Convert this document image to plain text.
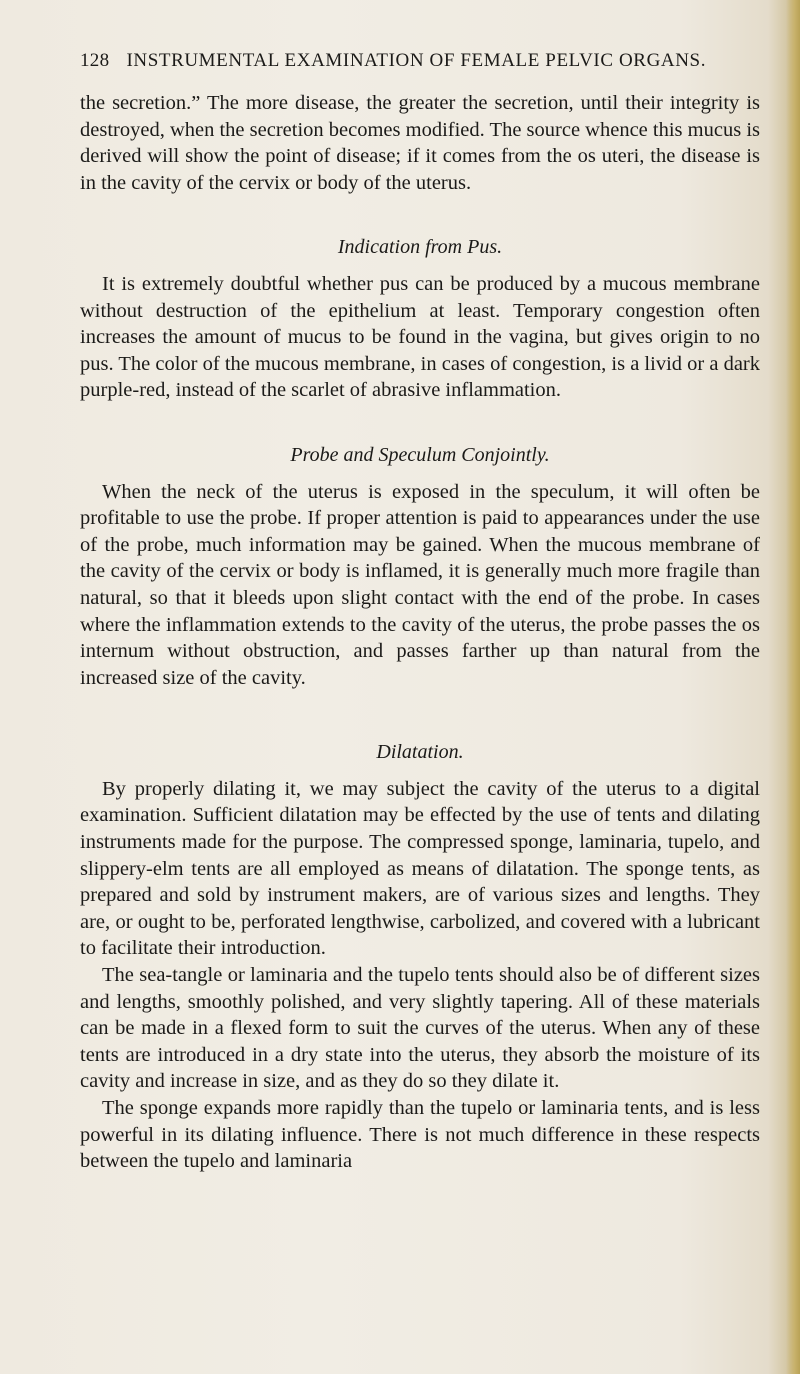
128 INSTRUMENTAL EXAMINATION OF FEMALE PELVIC ORGANS.

the secretion.” The more disease, the greater the secretion, until their integrity is destroyed, when the secretion becomes modified. The source whence this mucus is derived will show the point of disease; if it comes from the os uteri, the disease is in the cavity of the cervix or body of the uterus.

Indication from Pus.

It is extremely doubtful whether pus can be produced by a mucous membrane without destruction of the epithelium at least. Temporary congestion often increases the amount of mucus to be found in the vagina, but gives origin to no pus. The color of the mucous membrane, in cases of congestion, is a livid or a dark purple-red, instead of the scarlet of abrasive inflammation.

Probe and Speculum Conjointly.

When the neck of the uterus is exposed in the speculum, it will often be profitable to use the probe. If proper attention is paid to appearances under the use of the probe, much information may be gained. When the mucous membrane of the cavity of the cervix or body is inflamed, it is generally much more fragile than natural, so that it bleeds upon slight contact with the end of the probe. In cases where the inflammation extends to the cavity of the uterus, the probe passes the os internum without obstruction, and passes farther up than natural from the increased size of the cavity.

Dilatation.

By properly dilating it, we may subject the cavity of the uterus to a digital examination. Sufficient dilatation may be effected by the use of tents and dilating instruments made for the purpose. The compressed sponge, laminaria, tupelo, and slippery-elm tents are all employed as means of dilatation. The sponge tents, as prepared and sold by instrument makers, are of various sizes and lengths. They are, or ought to be, perforated lengthwise, carbolized, and covered with a lubricant to facilitate their introduction.

The sea-tangle or laminaria and the tupelo tents should also be of different sizes and lengths, smoothly polished, and very slightly tapering. All of these materials can be made in a flexed form to suit the curves of the uterus. When any of these tents are introduced in a dry state into the uterus, they absorb the moisture of its cavity and increase in size, and as they do so they dilate it.

The sponge expands more rapidly than the tupelo or laminaria tents, and is less powerful in its dilating influence. There is not much difference in these respects between the tupelo and laminaria
